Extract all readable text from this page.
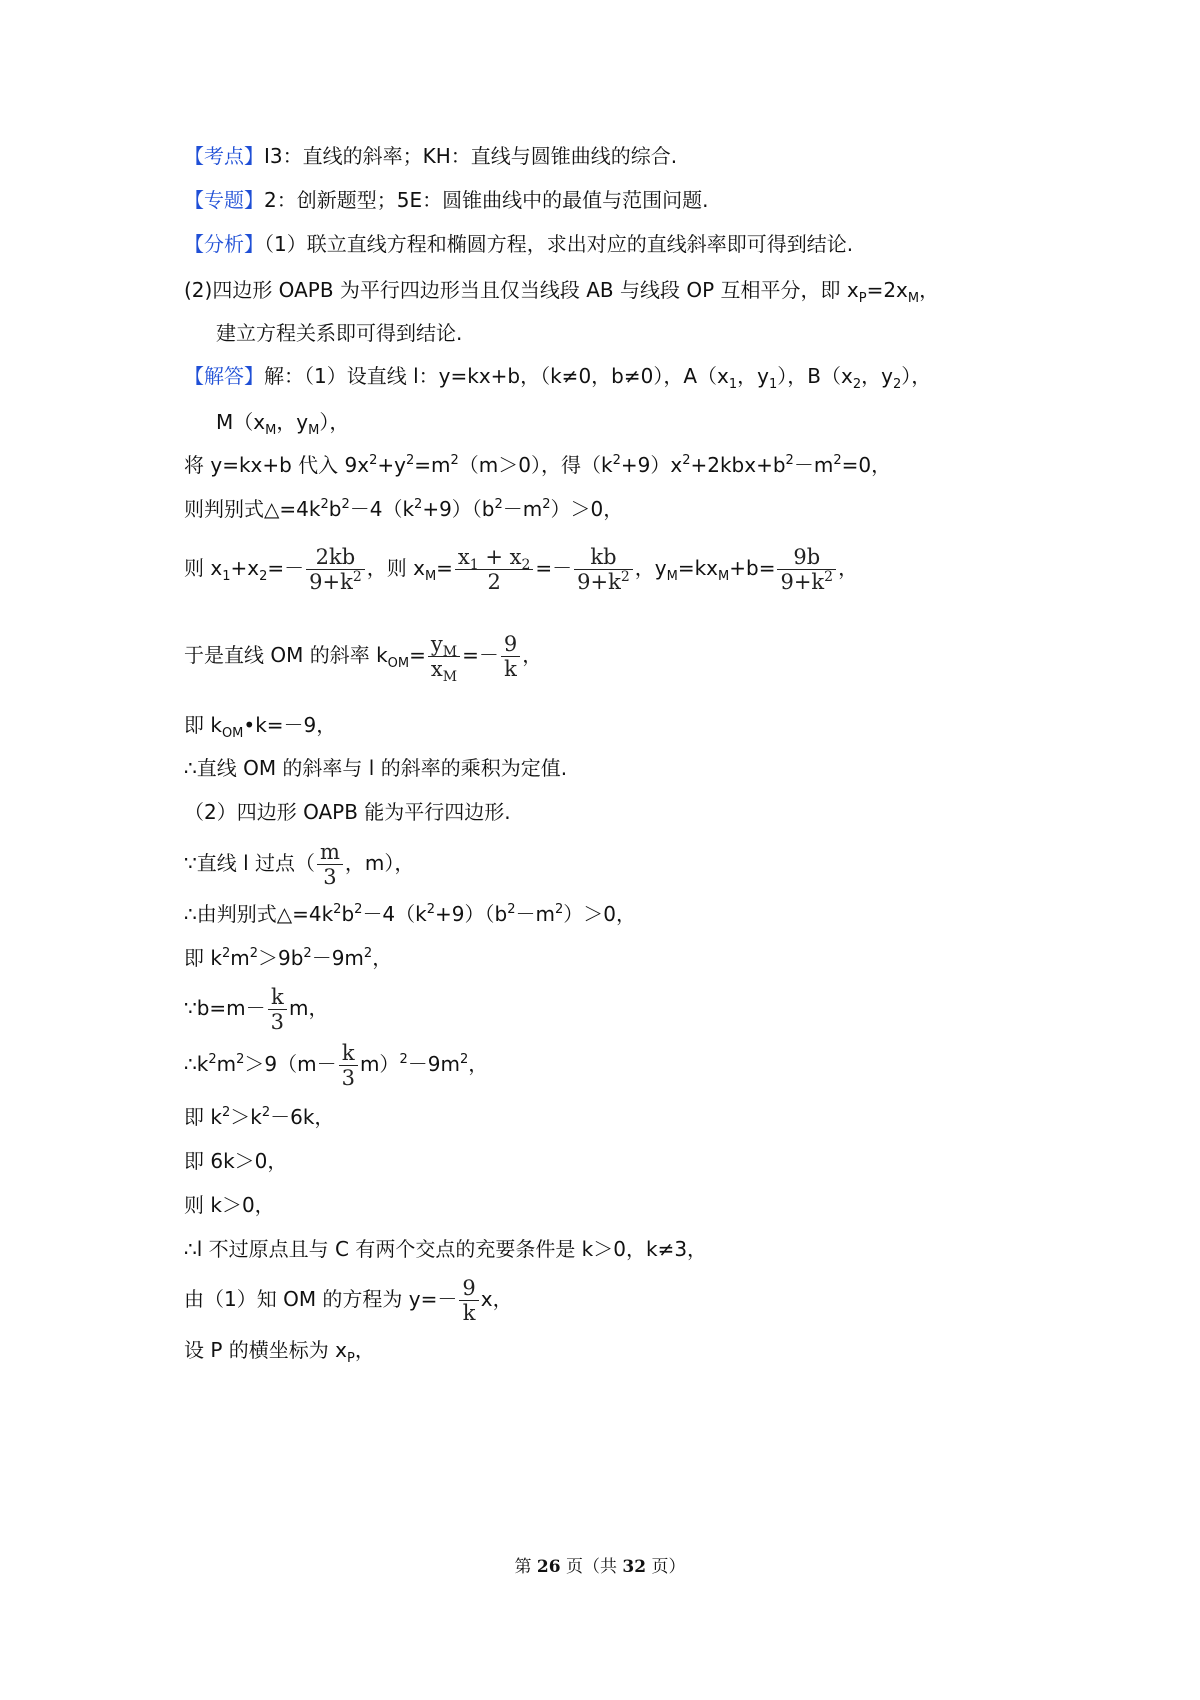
【考点】I3：直线的斜率；KH：直线与圆锥曲线的综合.
【专题】2：创新题型；5E：圆锥曲线中的最值与范围问题.
【分析】（1）联立直线方程和椭圆方程，求出对应的直线斜率即可得到结论.
(2)四边形 OAPB 为平行四边形当且仅当线段 AB 与线段 OP 互相平分，即 $x_P=2x_M$，
建立方程关系即可得到结论.
【解答】解：（1）设直线 l：y=kx+b，（k≠0，b≠0），$A(x_1$，$y_1$），$B(x_2$，$y_2$），
$M(x_M$，$y_M$），
将 y=kx+b 代入 $9x^2+y^2=m^2(m>0)$，得$(k^2+9)x^2+2kbx+b^2-m^2=0$，
则判别式$\triangle=4k^2b^2-4(k^2+9)(b^2-m^2)>0$，
则 $x_1+x_2=- \frac{2kb}{9+k^2}$ ，则 $x_M= \frac{x_1 + x_2}{2} =- \frac{kb}{9+k^2}$ ，$y_M=kx_M+b= \frac{9b}{9+k^2}$ ，
于是直线 OM 的斜率 $k_{OM}= \frac{y_M}{x_M} =- \frac{9}{k}$ ，
即 $k_{OM}•k=-9$，
∴直线 OM 的斜率与 l 的斜率的乘积为定值.
（2）四边形 OAPB 能为平行四边形.
∵直线 l 过点（ $\frac{m}{3}$ ，m），
∴由判别式$\triangle=4k^2b^2-4(k^2+9)(b^2-m^2)>0$，
即 $k^2m^2>9b^2-9m^2$，
∵b=m－ $\frac{k}{3}$ m，
$\therefore k^2m^2>9(m- \frac{k}{3} m)^2-9m^2$，
即 $k^2>k^2-6k$，
即 6k＞0，
则 k＞0，
∴l 不过原点且与 C 有两个交点的充要条件是 k＞0，k≠3，
由（1）知 OM 的方程为 $y=- \frac{9}{k}$ x，
设 P 的横坐标为 $x_P$，
第 26 页（共 32 页）
